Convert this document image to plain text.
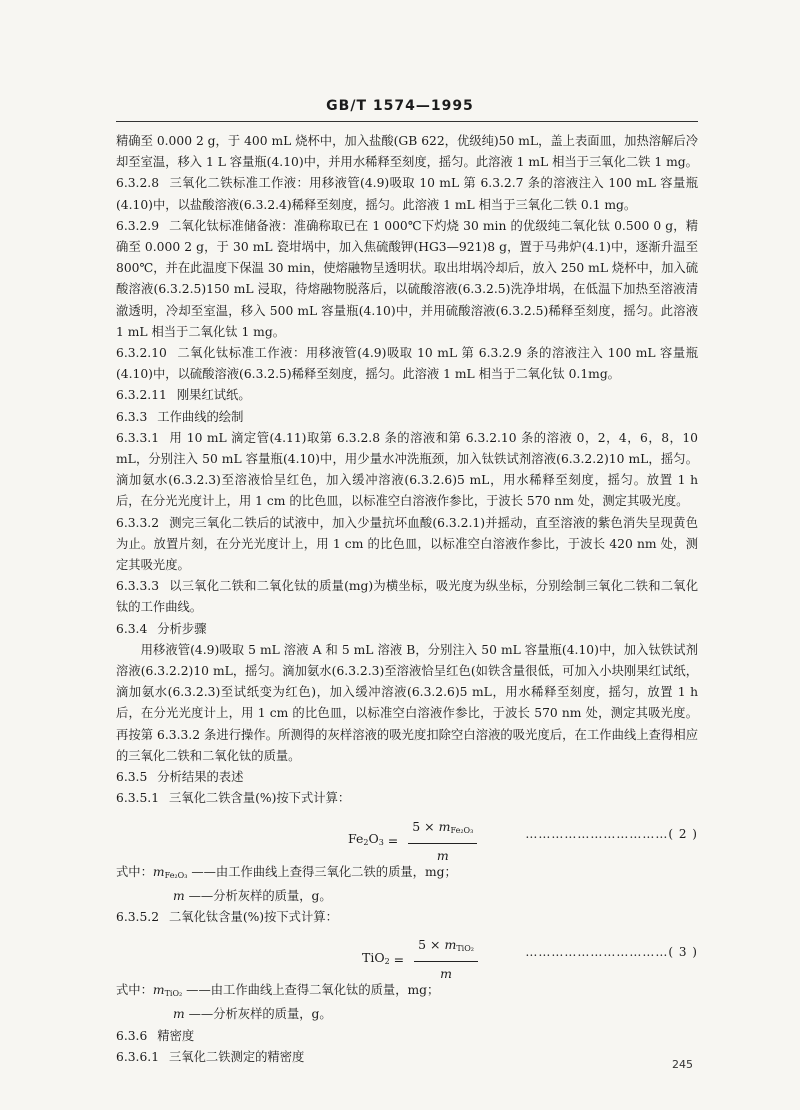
GB/T 1574—1995

精确至 0.000 2 g，于 400 mL 烧杯中，加入盐酸(GB 622，优级纯)50 mL，盖上表面皿，加热溶解后冷却至室温，移入 1 L 容量瓶(4.10)中，并用水稀释至刻度，摇匀。此溶液 1 mL 相当于三氧化二铁 1 mg。

6.3.2.8 三氧化二铁标准工作液：用移液管(4.9)吸取 10 mL 第 6.3.2.7 条的溶液注入 100 mL 容量瓶(4.10)中，以盐酸溶液(6.3.2.4)稀释至刻度，摇匀。此溶液 1 mL 相当于三氧化二铁 0.1 mg。

6.3.2.9 二氧化钛标准储备液：准确称取已在 1 000℃下灼烧 30 min 的优级纯二氧化钛 0.500 0 g，精确至 0.000 2 g，于 30 mL 瓷坩埚中，加入焦硫酸钾(HG3—921)8 g，置于马弗炉(4.1)中，逐渐升温至 800℃，并在此温度下保温 30 min，使熔融物呈透明状。取出坩埚冷却后，放入 250 mL 烧杯中，加入硫酸溶液(6.3.2.5)150 mL 浸取，待熔融物脱落后，以硫酸溶液(6.3.2.5)洗净坩埚，在低温下加热至溶液清澈透明，冷却至室温，移入 500 mL 容量瓶(4.10)中，并用硫酸溶液(6.3.2.5)稀释至刻度，摇匀。此溶液 1 mL 相当于二氧化钛 1 mg。

6.3.2.10 二氧化钛标准工作液：用移液管(4.9)吸取 10 mL 第 6.3.2.9 条的溶液注入 100 mL 容量瓶(4.10)中，以硫酸溶液(6.3.2.5)稀释至刻度，摇匀。此溶液 1 mL 相当于二氧化钛 0.1mg。

6.3.2.11 刚果红试纸。

6.3.3 工作曲线的绘制

6.3.3.1 用 10 mL 滴定管(4.11)取第 6.3.2.8 条的溶液和第 6.3.2.10 条的溶液 0，2，4，6，8，10 mL，分别注入 50 mL 容量瓶(4.10)中，用少量水冲洗瓶颈，加入钛铁试剂溶液(6.3.2.2)10 mL，摇匀。滴加氨水(6.3.2.3)至溶液恰呈红色，加入缓冲溶液(6.3.2.6)5 mL，用水稀释至刻度，摇匀。放置 1 h 后，在分光光度计上，用 1 cm 的比色皿，以标准空白溶液作参比，于波长 570 nm 处，测定其吸光度。

6.3.3.2 测完三氧化二铁后的试液中，加入少量抗坏血酸(6.3.2.1)并摇动，直至溶液的紫色消失呈现黄色为止。放置片刻，在分光光度计上，用 1 cm 的比色皿，以标准空白溶液作参比，于波长 420 nm 处，测定其吸光度。

6.3.3.3 以三氧化二铁和二氧化钛的质量(mg)为横坐标，吸光度为纵坐标，分别绘制三氧化二铁和二氧化钛的工作曲线。

6.3.4 分析步骤

用移液管(4.9)吸取 5 mL 溶液 A 和 5 mL 溶液 B，分别注入 50 mL 容量瓶(4.10)中，加入钛铁试剂溶液(6.3.2.2)10 mL，摇匀。滴加氨水(6.3.2.3)至溶液恰呈红色(如铁含量很低，可加入小块刚果红试纸，滴加氨水(6.3.2.3)至试纸变为红色)，加入缓冲溶液(6.3.2.6)5 mL，用水稀释至刻度，摇匀，放置 1 h 后，在分光光度计上，用 1 cm 的比色皿，以标准空白溶液作参比，于波长 570 nm 处，测定其吸光度。再按第 6.3.3.2 条进行操作。所测得的灰样溶液的吸光度扣除空白溶液的吸光度后，在工作曲线上查得相应的三氧化二铁和二氧化钛的质量。

6.3.5 分析结果的表述

6.3.5.1 三氧化二铁含量(%)按下式计算：

$Fe_2O_3 = \frac{5 \times m_{Fe_2O_3}}{m}$	……………………………( 2 )

式中：$m_{Fe_2O_3}$ ——由工作曲线上查得三氧化二铁的质量，mg；

m ——分析灰样的质量，g。

6.3.5.2 二氧化钛含量(%)按下式计算：

$TiO_2 = \frac{5 \times m_{TiO_2}}{m}$	……………………………( 3 )

式中：$m_{TiO_2}$ ——由工作曲线上查得二氧化钛的质量，mg；

m ——分析灰样的质量，g。

6.3.6 精密度

6.3.6.1 三氧化二铁测定的精密度

245
